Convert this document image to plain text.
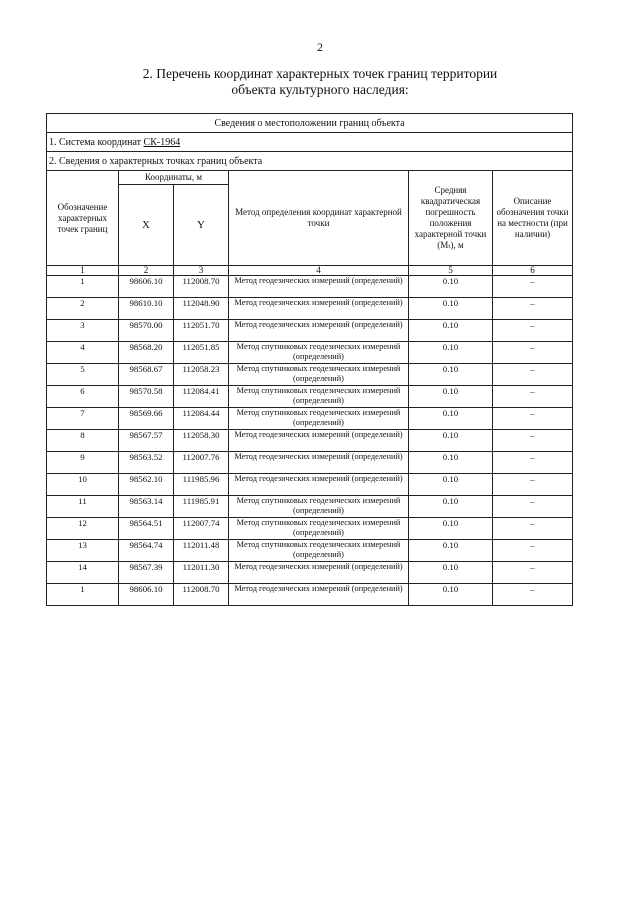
2
2. Перечень координат характерных точек границ территории
объекта культурного наследия:
Сведения о местоположении границ объекта					
1. Система координат СК-1964					
2. Сведения о характерных точках границ объекта					
Обозначение характерных точек границ	Координаты, м		Метод определения координат характерной точки	Средняя квадратическая погрешность положения характерной точки (Mₜ), м	Описание обозначения точки на местности (при наличии)
	X	Y			
1	2	3	4	5	6
1	98606.10	112008.70	Метод геодезических измерений (определений)	0.10	–
2	98610.10	112048.90	Метод геодезических измерений (определений)	0.10	–
3	98570.00	112051.70	Метод геодезических измерений (определений)	0.10	–
4	98568.20	112051.85	Метод спутниковых геодезических измерений (определений)	0.10	–
5	98568.67	112058.23	Метод спутниковых геодезических измерений (определений)	0.10	–
6	98570.58	112084.41	Метод спутниковых геодезических измерений (определений)	0.10	–
7	98569.66	112084.44	Метод спутниковых геодезических измерений (определений)	0.10	–
8	98567.57	112058.30	Метод геодезических измерений (определений)	0.10	–
9	98563.52	112007.76	Метод геодезических измерений (определений)	0.10	–
10	98562.10	111985.96	Метод геодезических измерений (определений)	0.10	–
11	98563.14	111985.91	Метод спутниковых геодезических измерений (определений)	0.10	–
12	98564.51	112007.74	Метод спутниковых геодезических измерений (определений)	0.10	–
13	98564.74	112011.48	Метод спутниковых геодезических измерений (определений)	0.10	–
14	98567.39	112011.30	Метод геодезических измерений (определений)	0.10	–
1	98606.10	112008.70	Метод геодезических измерений (определений)	0.10	–
